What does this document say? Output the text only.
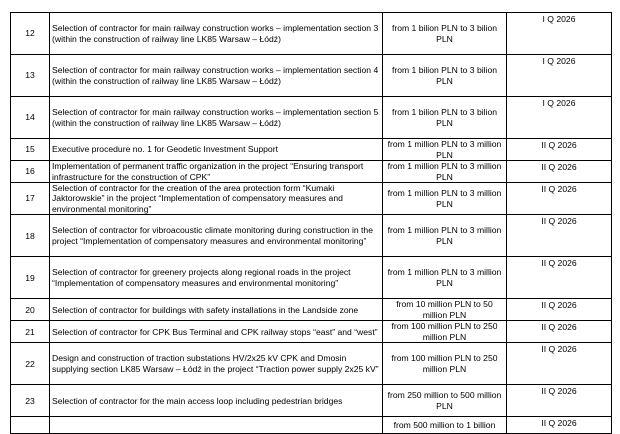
12	Selection of contractor for main railway construction works – implementation section 3 (within the construction of railway line LK85 Warsaw – Łódź)	from 1 bilion PLN to 3 bilion PLN	I Q 2026
13	Selection of contractor for main railway construction works – implementation section 4 (within the construction of railway line LK85 Warsaw – Łódź)	from 1 bilion PLN to 3 bilion PLN	I Q 2026
14	Selection of contractor for main railway construction works – implementation section 5 (within the construction of railway line LK85 Warsaw – Łódź)	from 1 bilion PLN to 3 bilion PLN	I Q 2026
15	Executive procedure no. 1 for Geodetic Investment Support	from 1 million PLN to 3 million PLN	II Q 2026
16	Implementation of permanent traffic organization in the project “Ensuring transport infrastructure for the construction of CPK”	from 1 million PLN to 3 million PLN	II Q 2026
17	Selection of contractor for the creation of the area protection form “Kumaki Jaktorowskie” in the project “Implementation of compensatory measures and environmental monitoring”	from 1 million PLN to 3 million PLN	II Q 2026
18	Selection of contractor for vibroacoustic climate monitoring during construction in the project “Implementation of compensatory measures and environmental monitoring”	from 1 million PLN to 3 million PLN	II Q 2026
19	Selection of contractor for greenery projects along regional roads in the project “Implementation of compensatory measures and environmental monitoring”	from 1 million PLN to 3 million PLN	II Q 2026
20	Selection of contractor for buildings with safety installations in the Landside zone	from 10 million PLN to 50 million PLN	II Q 2026
21	Selection of contractor for CPK Bus Terminal and CPK railway stops “east” and “west”	from 100 million PLN to 250 million PLN	II Q 2026
22	Design and construction of traction substations HV/2x25 kV CPK and Dmosin supplying section LK85 Warsaw – Łódź in the project “Traction power supply 2x25 kV”	from 100 million PLN to 250 million PLN	II Q 2026
23	Selection of contractor for the main access loop including pedestrian bridges	from 250 million to 500 million PLN	II Q 2026
		from 500 million to 1 billion	II Q 2026
